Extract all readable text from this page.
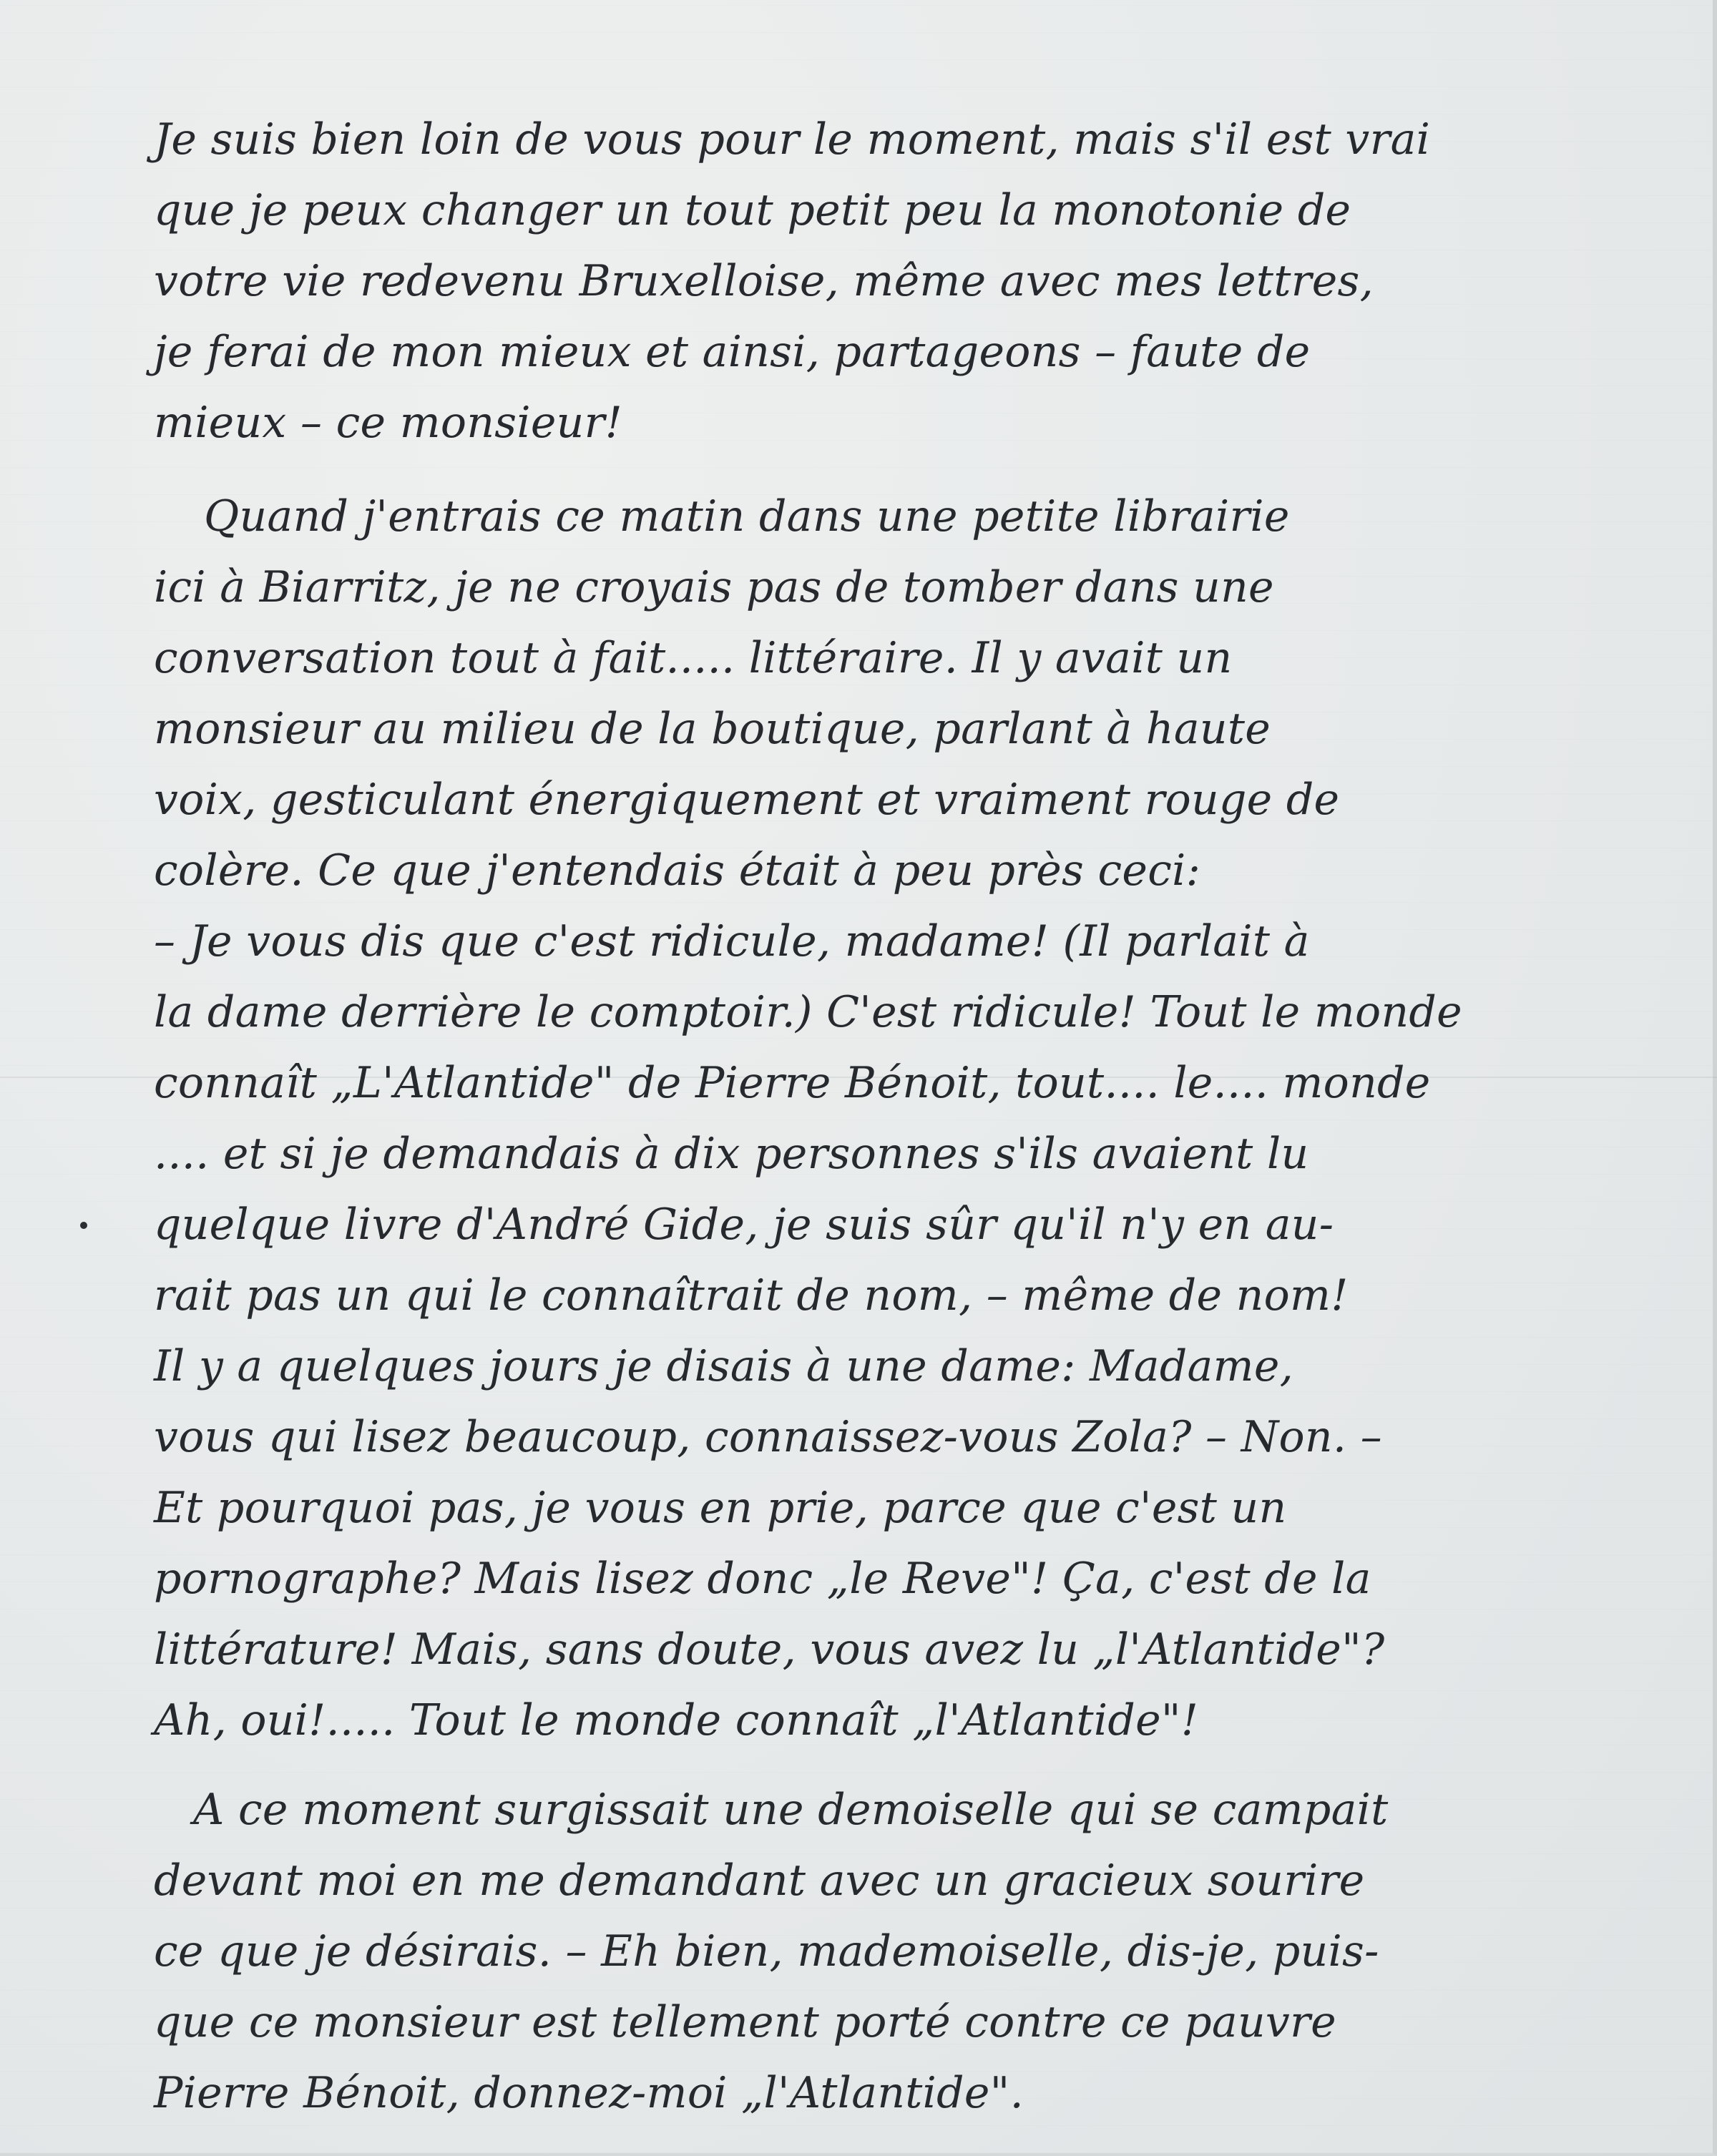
Je suis bien loin de vous pour le moment, mais s'il est vrai
que je peux changer un tout petit peu la monotonie de
votre vie redevenu Bruxelloise, même avec mes lettres,
je ferai de mon mieux et ainsi, partageons – faute de
mieux – ce monsieur!
Quand j'entrais ce matin dans une petite librairie
ici à Biarritz, je ne croyais pas de tomber dans une
conversation tout à fait..... littéraire. Il y avait un
monsieur au milieu de la boutique, parlant à haute
voix, gesticulant énergiquement et vraiment rouge de
colère. Ce que j'entendais était à peu près ceci:
– Je vous dis que c'est ridicule, madame! (Il parlait à
la dame derrière le comptoir.) C'est ridicule! Tout le monde
connaît „L'Atlantide" de Pierre Bénoit, tout.... le.... monde
.... et si je demandais à dix personnes s'ils avaient lu
quelque livre d'André Gide, je suis sûr qu'il n'y en au-
rait pas un qui le connaîtrait de nom, – même de nom!
Il y a quelques jours je disais à une dame: Madame,
vous qui lisez beaucoup, connaissez-vous Zola? – Non. –
Et pourquoi pas, je vous en prie, parce que c'est un
pornographe? Mais lisez donc „le Reve"! Ça, c'est de la
littérature! Mais, sans doute, vous avez lu „l'Atlantide"?
Ah, oui!..... Tout le monde connaît „l'Atlantide"!
A ce moment surgissait une demoiselle qui se campait
devant moi en me demandant avec un gracieux sourire
ce que je désirais. – Eh bien, mademoiselle, dis-je, puis-
que ce monsieur est tellement porté contre ce pauvre
Pierre Bénoit, donnez-moi „l'Atlantide".
